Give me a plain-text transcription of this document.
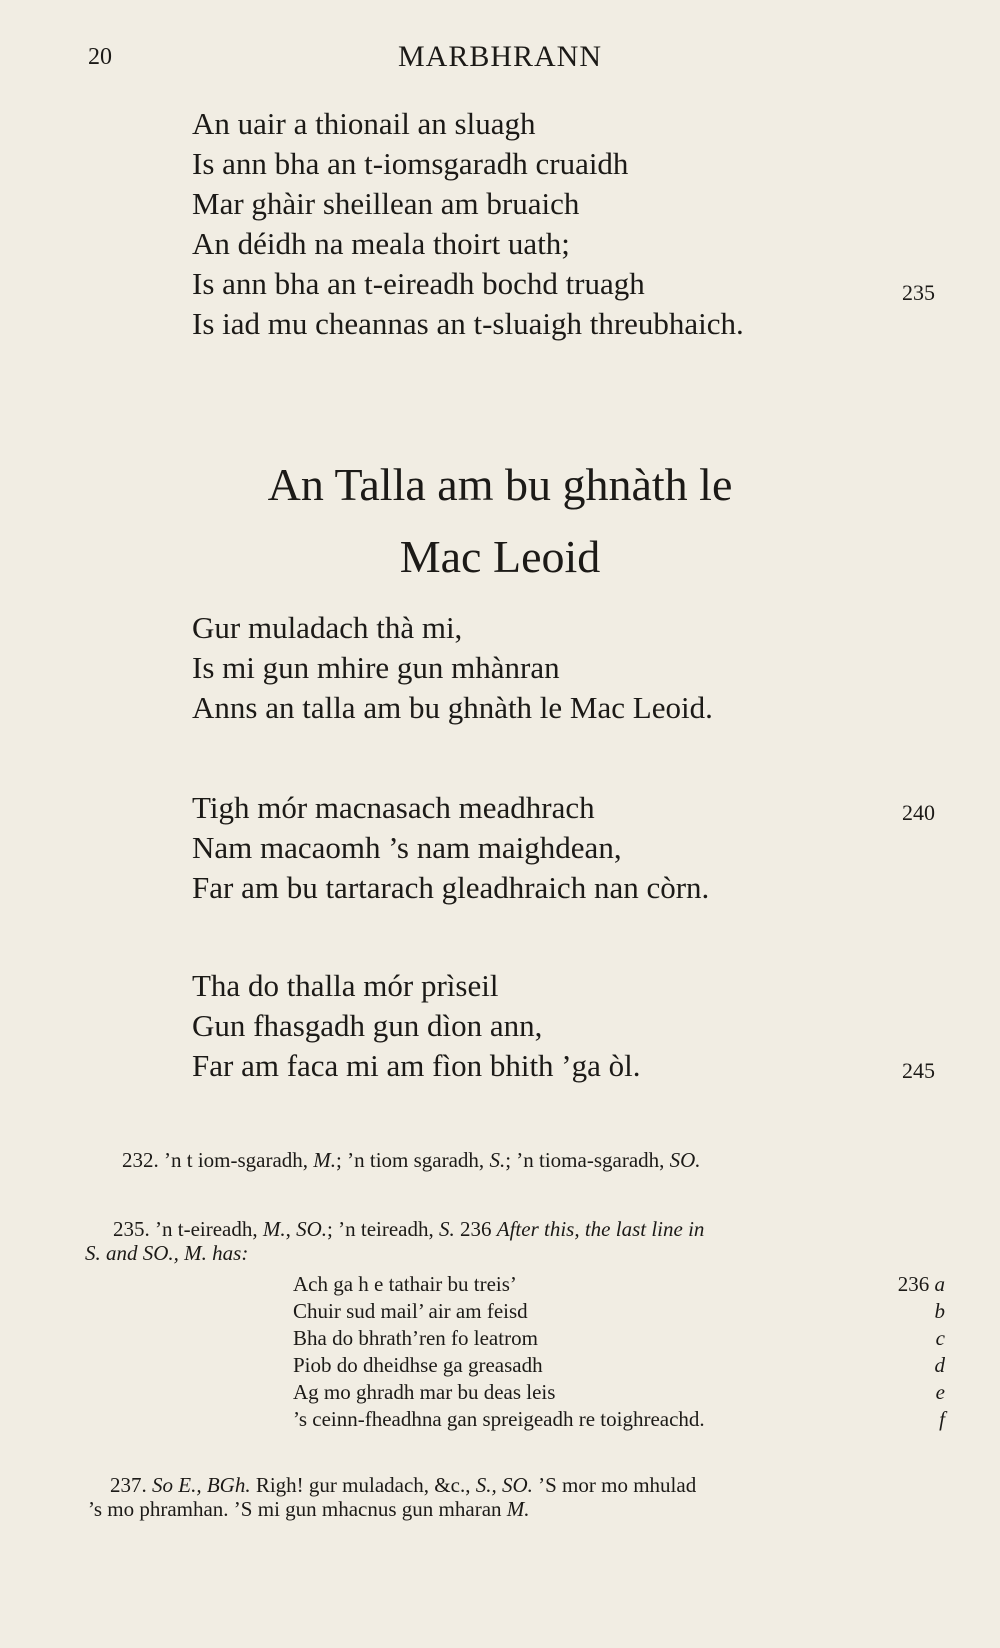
20	MARBHRANN
An uair a thionail an sluagh
Is ann bha an t-iomsgaradh cruaidh
Mar ghàir sheillean am bruaich
An déidh na meala thoirt uath;
Is ann bha an t-eireadh bochd truagh
Is iad mu cheannas an t-sluaigh threubhaich.
235
An Talla am bu ghnàth le
Mac Leoid
Gur muladach thà mi,
Is mi gun mhire gun mhànran
Anns an talla am bu ghnàth le Mac Leoid.
Tigh mór macnasach meadhrach
Nam macaomh ’s nam maighdean,
Far am bu tartarach gleadhraich nan còrn.
240
Tha do thalla mór prìseil
Gun fhasgadh gun dìon ann,
Far am faca mi am fìon bhith ’ga òl.	245
232. ’n t iom-sgaradh, M.; ’n tiom sgaradh, S.; ’n tioma-sgaradh, SO.
235. ’n t-eireadh, M., SO.; ’n teireadh, S. 236 After this, the last line in
S. and SO., M. has:
Ach ga h e tathair bu treis’	236 a
Chuir sud mail’ air am feisd	b
Bha do bhrath’ren fo leatrom	c
Piob do dheidhse ga greasadh	d
Ag mo ghradh mar bu deas leis	e
’s ceinn-fheadhna gan spreigeadh re toighreachd.	f
237. So E., BGh. Righ! gur muladach, &c., S., SO. ’S mor mo mhulad
’s mo phramhan. ’S mi gun mhacnus gun mharan M.
